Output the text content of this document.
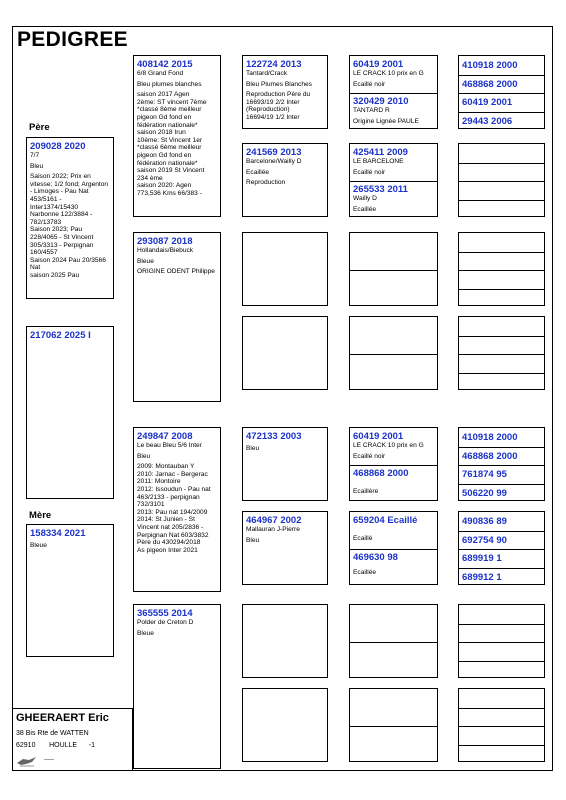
PEDIGREE
Père
Mère
209028 2020
7/7
Bleu
Saison 2022; Prix en vitesse; 1/2 fond; Argenton - Limoges - Pau Nat 453/5161 - Inter1374/15430
Narbonne 122/3884 - 782/13783
Saison 2023; Pau 228/4065 - St Vincent 305/3313 - Perpignan 160/4557
Saison 2024 Pau 20/3566 Nat
saison 2025 Pau
217062 2025 I
158334 2021
Bleue
408142 2015
6/8 Grand Fond
Bleu plumes blanches
saison 2017 Agen
2ème: ST vincent 7ème
*classé 8ème meilleur pigeon Gd fond en fédération nationale*
saison 2018 Irun
10ème: St Vincent 1er
*classé 6ème meilleur pigeon Gd fond en fédération nationale*
saison 2019 St Vincent 234 ème
saison 2020: Agen
773,536 Kms 66/383 -
293087 2018
Hollandais/Biebuck
Bleue
ORIGINE ODENT Philippe
249847 2008
Le beau Bleu 5/6 Inter
Bleu
2009: Montauban Y
2010: Jarnac - Bergerac
2011: Montoire
2012: Issoudun - Pau nat 463/2133 - perpignan 732/3101
2013: Pau nat 194/2009
2014: St Junien - St Vincent nat 205/2836 - Perpignan Nat 603/3832
Père du 430294/2018
As pigeon Inter 2021
365555 2014
Polder de Creton D
Bleue
122724 2013
Tantard/Crack
Bleu Plumes Blanches
Reproduction Père du 16693/19 2/2 Inter (Reproduction)
16694/19 1/2 Inter
241569 2013
Barcelone/Wailly D
Ecaillée
Reproduction
472133 2003
Bleu
464967 2002
Mallauran J-Pierre
Bleu
60419 2001
LE CRACK 10 prix en G
Ecaillé noir
320429 2010
TANTARD R
Origine Lignée PAULE
425411 2009
LE BARCELONE
Ecaillé noir
265533 2011
Wailly D
Ecaillée
60419 2001
LE CRACK 10 prix en G
Ecaillé noir
468868 2000
Ecaillère
659204 Ecaillé
Ecaillé
469630 98
Ecaillée
410918 2000
468868 2000
60419 2001
29443 2006
410918 2000
468868 2000
761874 95
506220 99
490836 89
692754 90
689919 1
689912 1
GHEERAERT Eric
38 Bis Rte de WATTEN
62910       HOULLE      -1
-----
